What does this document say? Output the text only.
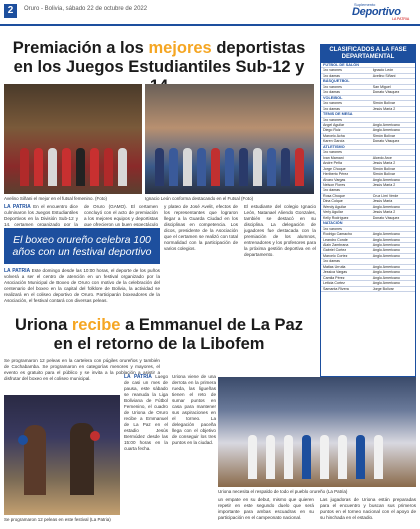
2	Oruro - Bolivia, sábado 22 de octubre de 2022
Suplemento
Deportivo
LA PATRIA
Premiación a los mejores deportistas en los Juegos Estudiantiles Sub-12 y
Avelino Siñani el mejor en el futsal femenino. (Foto)	Ignacio León conforma destacando en el Futsal (Foto)
LA PATRIA En el encuentro dice culminaron los Juegos Estudiantiles Deportivos en la División Sub-12 y 14, certamen organizado por la
de Oruro (GAMO). El certamen concluyó con el acto de premiación a los mejores equipos y deportistas que ofrecieron un buen espectáculo
y plateo de José Avelit, efectos de los representantes que lograron llegar a la Guarda Ciudad en los disciplinas en competencia. Los dicos, presidente de la Asociación que el certamen se realizó con total normalidad con la participación de varios colegios.
El estudiante del colegio Ignacio León, Natanael Aliendo Gonzales, también se destacó en su disciplina. La delegación de jugadores fue destacada con la premiación de los alumnos, entrenadores y los profesores para la próxima gestión deportiva en el departamento.
El boxeo orureño celebra 100 años con un festival deportivo
LA PATRIA Este domingo desde las 10:00 horas, el deporte de los puños volverá a ser el centro de atención en un festival organizado por la Asociación Municipal de Boxeo de Oruro con motivo de la celebración del centenario del boxeo en la capital del folklore de Bolivia, la actividad se realizará en el coliseo deportivo de Oruro. Participarán boxeadores de la Asociación, el festival contará con diversas peleas.
Uriona recibe a Emmanuel de La Paz en el retorno de la Libofem
Se programaron 12 peleas en la cartelera con púgiles orureños y también de Cochabamba. Se programaron en categorías menores y mayores, el evento es gratuito para el público y se invita a la población a asistir a disfrutar del boxeo en el coliseo municipal.
Se programaron 12 peleas en este festival (La Patria)
LA PATRIA Luego de casi un mes de pausa, este sábado se reanuda la Liga Boliviana de Fútbol Femenino, el cuadro de Uriona de Oruro recibe a Emmanuel de La Paz en el estadio Jesús Bermúdez desde las 15:00 horas en la cuarta fecha.
Uriona viene de una derrota en la primera rueda, las ligueñas tienen el reto de sumar puntos en casa para mantener sus aspiraciones en el torneo. La delegación paceña llega con el objetivo de conseguir los tres puntos en la ciudad.
Uriona necesita el respaldo de todo el pueblo orureño (La Patria)
un empate en su debut, mismo que quieren repetir en este segundo duelo que será importante para ambas escuadras en su participación en el campeonato nacional.
Las jugadoras de Uriona están preparadas para el encuentro y buscan sus primeros puntos en el torneo nacional con el apoyo de su hinchada en el estadio.
CLASIFICADOS A LA FASE DEPARTAMENTAL
FÚTBOL DE SALÓN
1ro varones	Ignacio León
1ro damas	Avelino Siñani
BÁSQUETBOL
1ro varones	San Miguel
1ro damas	Donato Vásquez
VOLEIBOL
1ro varones	Simón Bolívar
1ro damas	Jesús María 2
TENIS DE MESA
1ro varones
Angel Aguilar	Anglo Americano
Diego Ruiz	Anglo Americano
Marcelo Acha	Simón Bolívar
Karen García	Donato Vásquez
ATLETISMO
1ro varones
Ivan Mamani	Alcedo Arce
Andre Peña	Jesús María 2
Jorge Choque	Simón Bolívar
Heriberto Pérez	Simón Bolívar
Alvaro Vargas	Anglo Americano
Nelson Flores	Jesús María 2
1ro damas
Rosa Choque	Cruz Limi Verde
Dina Colque	Jesús María
Wendy Aguilar	Anglo Americano
Verly Aguilar	Jesús María 2
Kelly Rodríguez	Donato Vásquez
NATACIÓN
1ro varones
Rodrigo Camacho	Anglo Americano
Leandro Conde	Anglo Americano
Alain Zambrana	Anglo Americano
Gabriel Cortez	Anglo Americano
Marcelo Cortez	Anglo Americano
1ro damas
Matias Urrutia	Anglo Americano
Jessica Vargas	Anglo Americano
Camila Pérez	Anglo Americano
Leticia Cortez	Anglo Americano
Samanta Rivera	Jorge Bolívar
